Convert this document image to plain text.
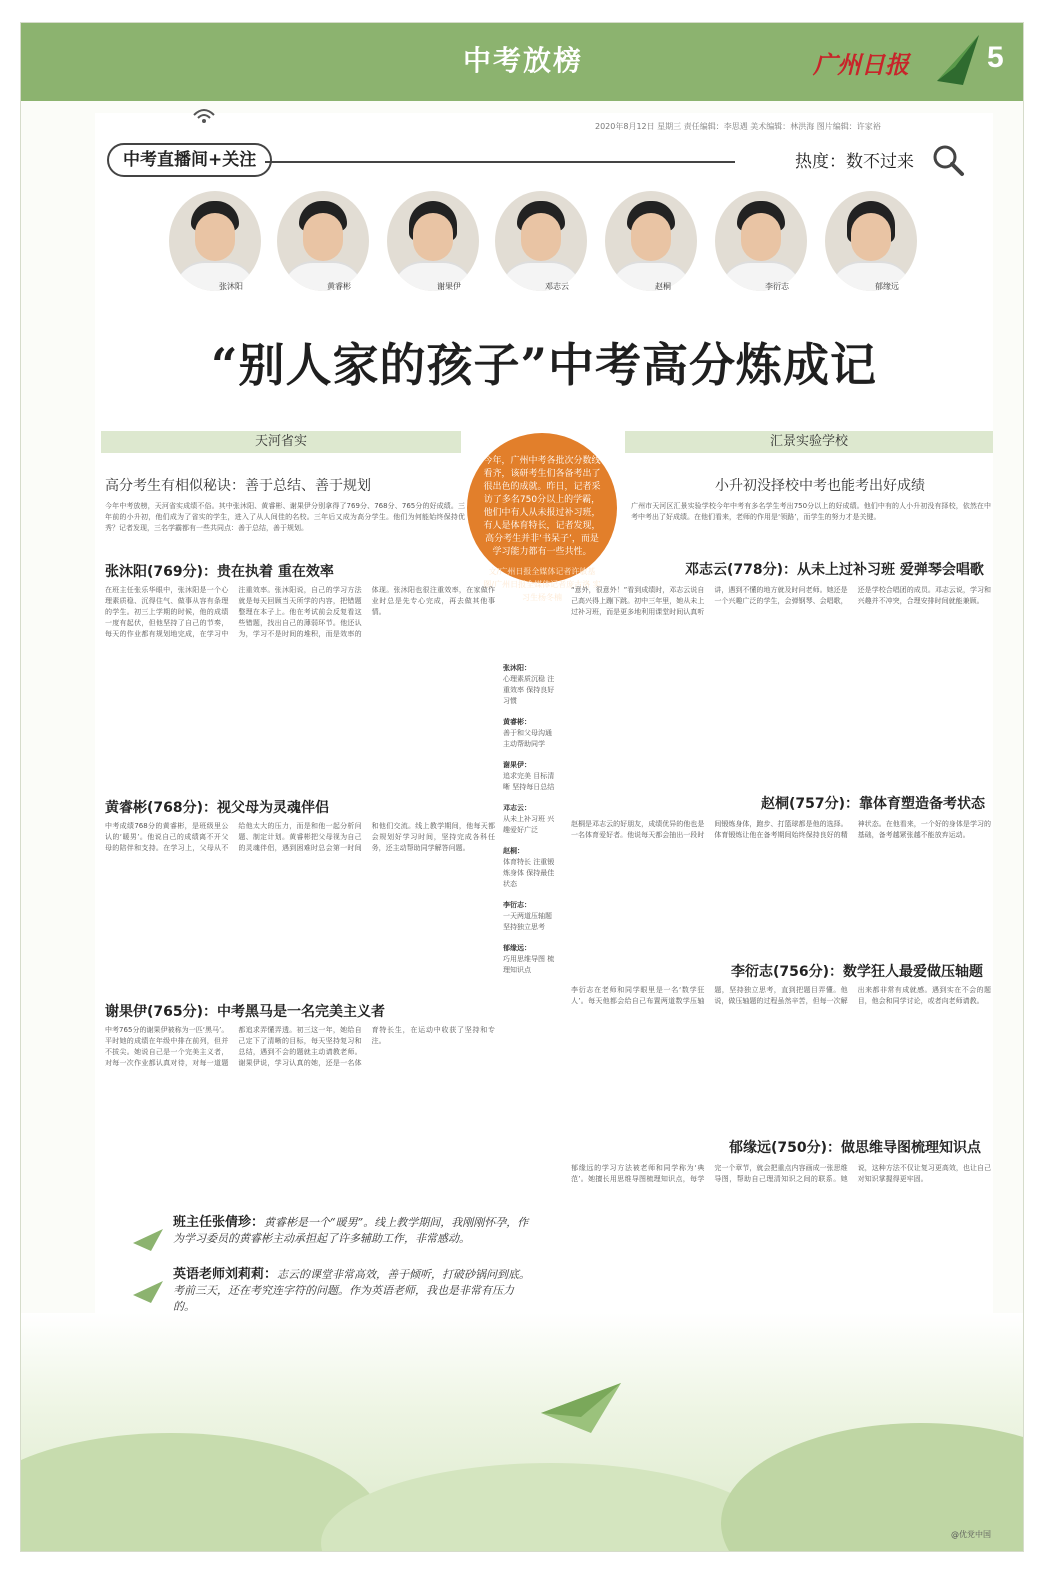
中考放榜	广州日报	5
2020年8月12日 星期三 责任编辑：李思遇 美术编辑：林洪海 图片编辑：许家裕
中考直播间+关注	热度：数不过来
张沐阳	黄睿彬	谢果伊	邓志云	赵桐	李衍志	郁缘远
“别人家的孩子”中考高分炼成记
天河省实	汇景实验学校
今年，广州中考各批次分数线看齐，该研考生们各备考出了很出色的成就。昨日，记者采访了多名750分以上的学霸，他们中有人从未报过补习班，有人是体育特长，记者发现，高分考生并非‘书呆子’，而是学习能力都有一些共性。
文/广州日报全媒体记者许敏基 图/广州日报全媒体记者庞古洛 实习生杨冬楠
高分考生有相似秘诀：善于总结、善于规划	小升初没择校中考也能考出好成绩
今年中考放榜，天河省实成绩不俗。其中张沐阳、黄睿彬、谢果伊分别拿得了769分、768分、765分的好成绩。三年前的小升初，他们成为了省实的学生，进入了从人间佳的名校。三年后又成为高分学生。他们为何能始终保持优秀？记者发现，三名学霸都有一些共同点：善于总结，善于规划。
张沐阳(769分)：贵在执着 重在效率
在班主任张乐华眼中，张沐阳是一个心理素质稳、沉得住气、做事从容有条理的学生。初三上学期的时候，他的成绩一度有起伏，但他坚持了自己的节奏，每天的作业都有规划地完成，在学习中注重效率。张沐阳说，自己的学习方法就是每天回顾当天所学的内容，把错题整理在本子上。他在考试前会反复看这些错题，找出自己的薄弱环节。他还认为，学习不是时间的堆积，而是效率的体现。张沐阳也很注重效率，在家做作业时总是先专心完成，再去做其他事情。
黄睿彬(768分)：视父母为灵魂伴侣
中考成绩768分的黄睿彬，是班级里公认的‘暖男’。他说自己的成绩离不开父母的陪伴和支持。在学习上，父母从不给他太大的压力，而是和他一起分析问题、制定计划。黄睿彬把父母视为自己的灵魂伴侣，遇到困难时总会第一时间和他们交流。线上教学期间，他每天都会规划好学习时间，坚持完成各科任务，还主动帮助同学解答问题。
谢果伊(765分)：中考黑马是一名完美主义者
中考765分的谢果伊被称为一匹‘黑马’。平时她的成绩在年级中排在前列，但并不拔尖。她说自己是一个完美主义者，对每一次作业都认真对待，对每一道题都追求弄懂弄透。初三这一年，她给自己定下了清晰的目标，每天坚持复习和总结，遇到不会的题就主动请教老师。谢果伊说，学习认真的她，还是一名体育特长生，在运动中收获了坚持和专注。
张沐阳：
心理素质沉稳 注重效率 保持良好习惯
黄睿彬：
善于和父母沟通 主动帮助同学
谢果伊：
追求完美 目标清晰 坚持每日总结
邓志云：
从未上补习班 兴趣爱好广泛
赵桐：
体育特长 注重锻炼身体 保持最佳状态
李衍志：
一天两道压轴题 坚持独立思考
郁缘远：
巧用思维导图 梳理知识点
广州市天河区汇景实验学校今年中考有多名学生考出750分以上的好成绩。他们中有的人小升初没有择校，依然在中考中考出了好成绩。在他们看来，老师的作用是‘领路’，而学生的努力才是关键。
邓志云(778分)：从未上过补习班 爱弹琴会唱歌
“意外，很意外！”看到成绩时，邓志云说自己高兴得上蹦下跳。初中三年里，她从未上过补习班，而是更多地利用课堂时间认真听讲，遇到不懂的地方就及时问老师。她还是一个兴趣广泛的学生，会弹钢琴、会唱歌，还是学校合唱团的成员。邓志云说，学习和兴趣并不冲突，合理安排时间就能兼顾。
赵桐(757分)：靠体育塑造备考状态
赵桐是邓志云的好朋友，成绩优异的他也是一名体育爱好者。他说每天都会抽出一段时间锻炼身体，跑步、打篮球都是他的选择。体育锻炼让他在备考期间始终保持良好的精神状态。在他看来，一个好的身体是学习的基础，备考越紧张越不能放弃运动。
李衍志(756分)：数学狂人最爱做压轴题
李衍志在老师和同学眼里是一名‘数学狂人’。每天他都会给自己布置两道数学压轴题，坚持独立思考，直到把题目弄懂。他说，做压轴题的过程虽然辛苦，但每一次解出来都非常有成就感。遇到实在不会的题目，他会和同学讨论，或者向老师请教。
郁缘远(750分)：做思维导图梳理知识点
郁缘远的学习方法被老师和同学称为‘典范’。她擅长用思维导图梳理知识点，每学完一个章节，就会把重点内容画成一张思维导图，帮助自己理清知识之间的联系。她说，这种方法不仅让复习更高效，也让自己对知识掌握得更牢固。
班主任张倩珍：黄睿彬是一个“暖男”。线上教学期间，我刚刚怀孕，作为学习委员的黄睿彬主动承担起了许多辅助工作，非常感动。
英语老师刘莉莉：志云的课堂非常高效，善于倾听，打破砂锅问到底。考前三天，还在考究连字符的问题。作为英语老师，我也是非常有压力的。
@优党中国
